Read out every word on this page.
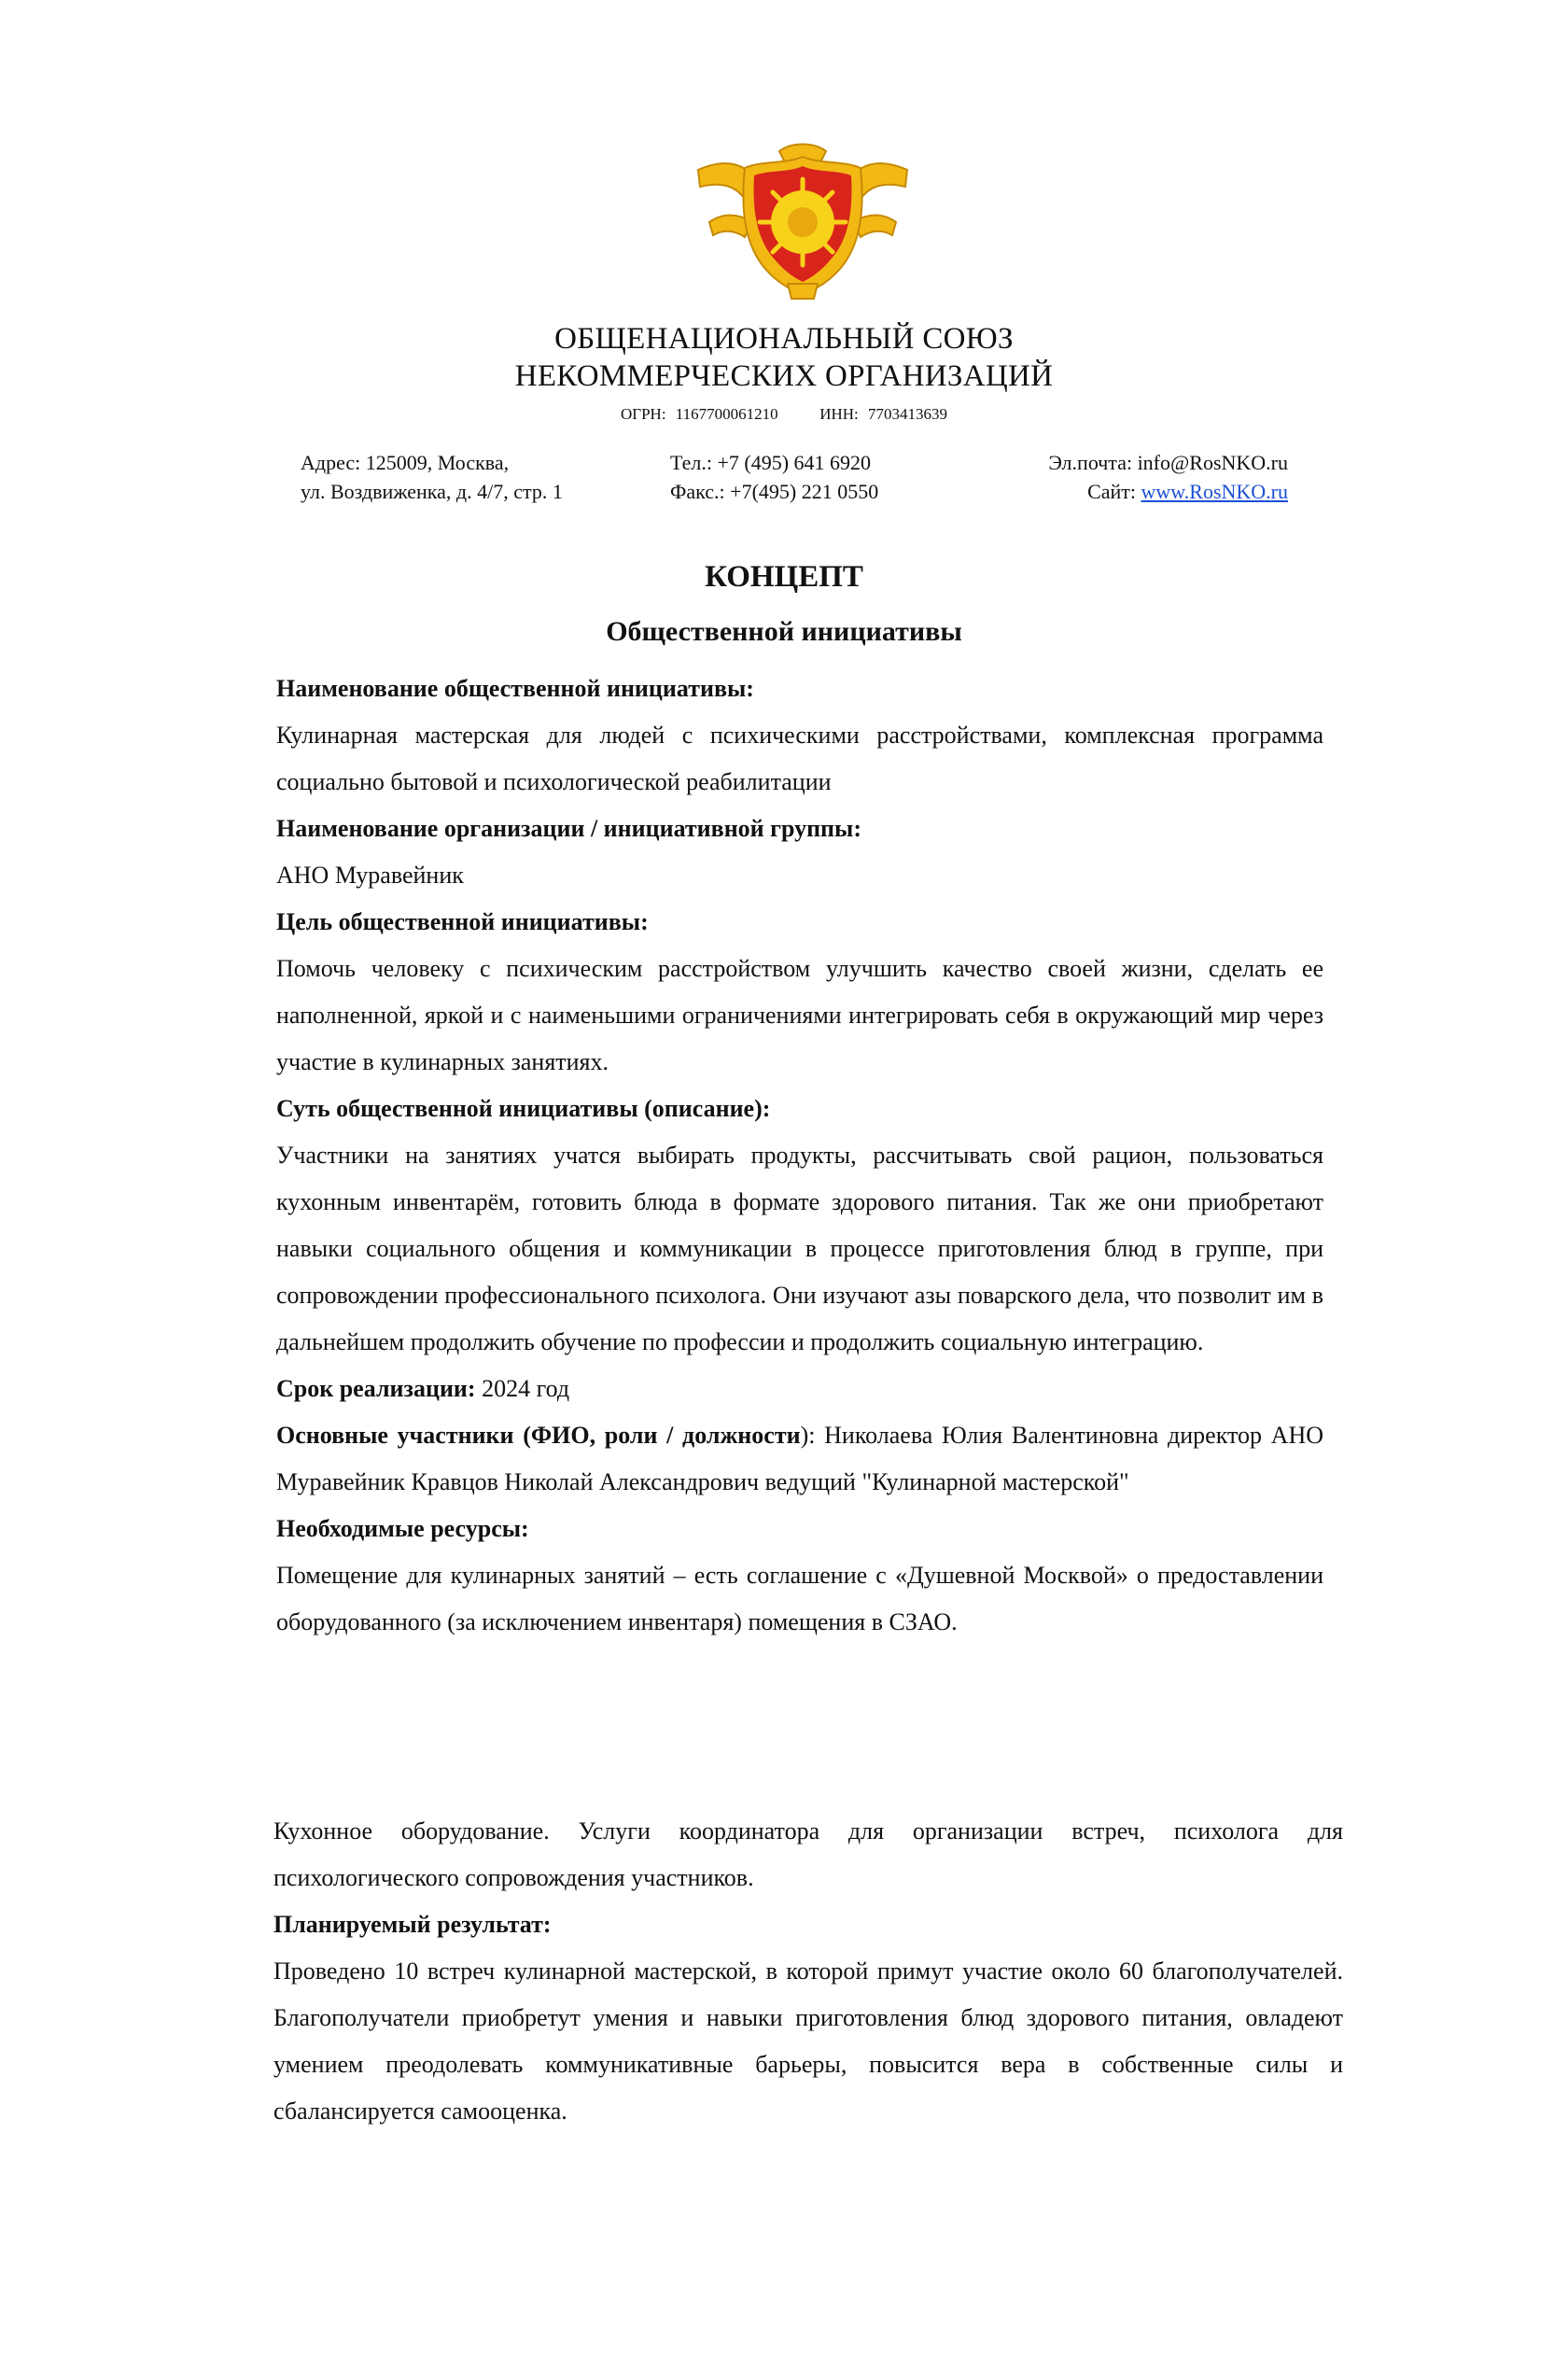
ОБЩЕНАЦИОНАЛЬНЫЙ СОЮЗ
НЕКОММЕРЧЕСКИХ ОРГАНИЗАЦИЙ
ОГРН: 1167700061210	ИНН: 7703413639
Адрес: 125009, Москва,
ул. Воздвиженка, д. 4/7, стр. 1
Тел.: +7 (495) 641 6920
Факс.: +7(495) 221 0550
Эл.почта: info@RosNKO.ru
Сайт: www.RosNKO.ru
КОНЦЕПТ
Общественной инициативы

Наименование общественной инициативы:

Кулинарная мастерская для людей с психическими расстройствами, комплексная программа социально бытовой и психологической реабилитации

Наименование организации / инициативной группы:

АНО Муравейник

Цель общественной инициативы:

Помочь человеку с психическим расстройством улучшить качество своей жизни, сделать ее наполненной, яркой и с наименьшими ограничениями интегрировать себя в окружающий мир через участие в кулинарных занятиях.

Суть общественной инициативы (описание):

Участники на занятиях учатся выбирать продукты, рассчитывать свой рацион, пользоваться кухонным инвентарём, готовить блюда в формате здорового питания. Так же они приобретают навыки социального общения и коммуникации в процессе приготовления блюд в группе, при сопровождении профессионального психолога. Они изучают азы поварского дела, что позволит им в дальнейшем продолжить обучение по профессии и продолжить социальную интеграцию.

Срок реализации: 2024 год

Основные участники (ФИО, роли / должности): Николаева Юлия Валентиновна директор АНО Муравейник Кравцов Николай Александрович ведущий "Кулинарной мастерской"

Необходимые ресурсы:

Помещение для кулинарных занятий – есть соглашение с «Душевной Москвой» о предоставлении оборудованного (за исключением инвентаря) помещения в СЗАО.

Кухонное оборудование. Услуги координатора для организации встреч, психолога для психологического сопровождения участников.

Планируемый результат:

Проведено 10 встреч кулинарной мастерской, в которой примут участие около 60 благополучателей. Благополучатели приобретут умения и навыки приготовления блюд здорового питания, овладеют умением преодолевать коммуникативные барьеры, повысится вера в собственные силы и сбалансируется самооценка.
